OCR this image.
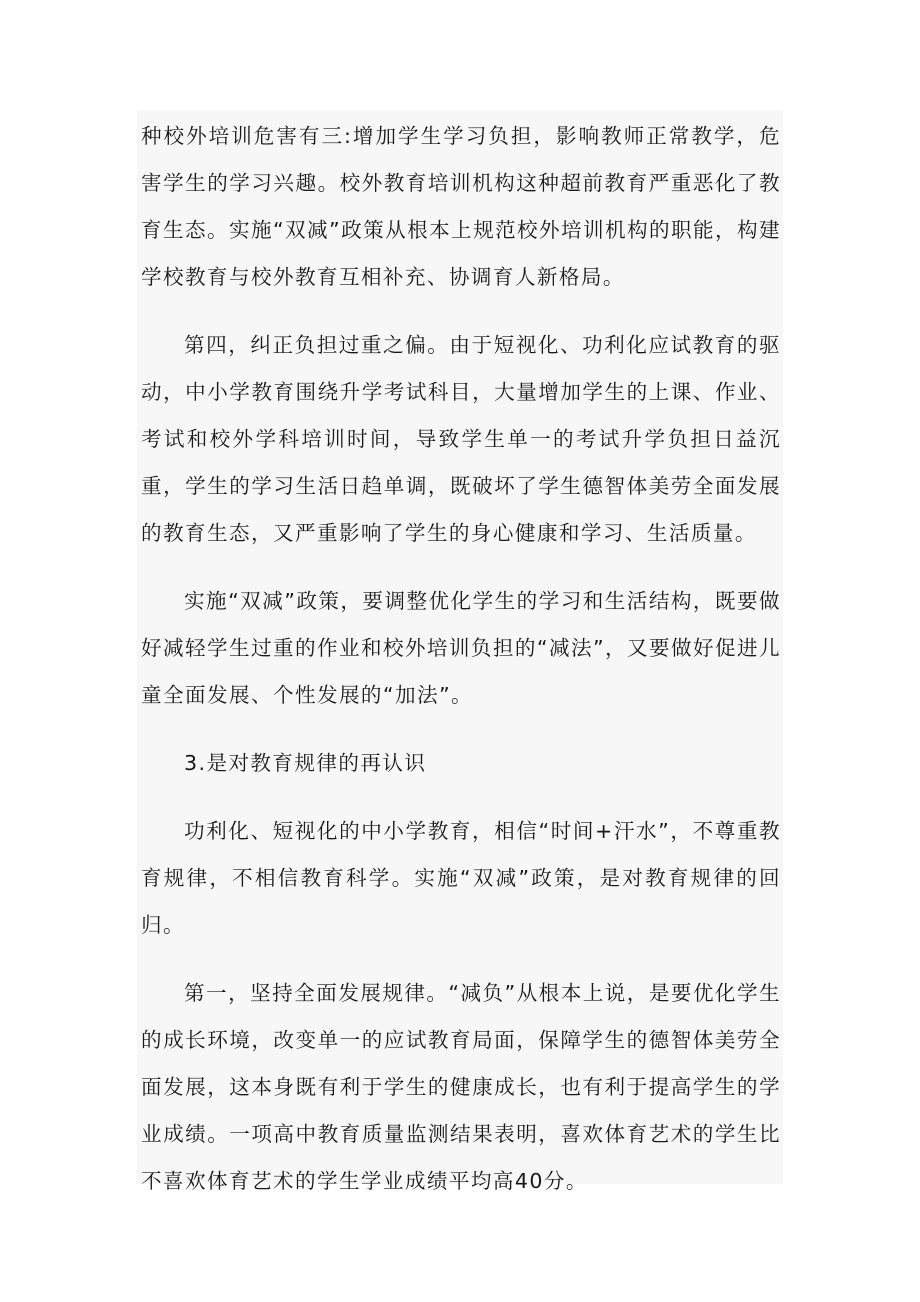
种校外培训危害有三:增加学生学习负担，影响教师正常教学，危害学生的学习兴趣。校外教育培训机构这种超前教育严重恶化了教育生态。实施“双减”政策从根本上规范校外培训机构的职能，构建学校教育与校外教育互相补充、协调育人新格局。

第四，纠正负担过重之偏。由于短视化、功利化应试教育的驱动，中小学教育围绕升学考试科目，大量增加学生的上课、作业、考试和校外学科培训时间，导致学生单一的考试升学负担日益沉重，学生的学习生活日趋单调，既破坏了学生德智体美劳全面发展的教育生态，又严重影响了学生的身心健康和学习、生活质量。

实施“双减”政策，要调整优化学生的学习和生活结构，既要做好减轻学生过重的作业和校外培训负担的“减法”，又要做好促进儿童全面发展、个性发展的“加法”。

3.是对教育规律的再认识

功利化、短视化的中小学教育，相信“时间+汗水”，不尊重教育规律，不相信教育科学。实施“双减”政策，是对教育规律的回归。

第一，坚持全面发展规律。“减负”从根本上说，是要优化学生的成长环境，改变单一的应试教育局面，保障学生的德智体美劳全面发展，这本身既有利于学生的健康成长，也有利于提高学生的学业成绩。一项高中教育质量监测结果表明，喜欢体育艺术的学生比不喜欢体育艺术的学生学业成绩平均高40分。
